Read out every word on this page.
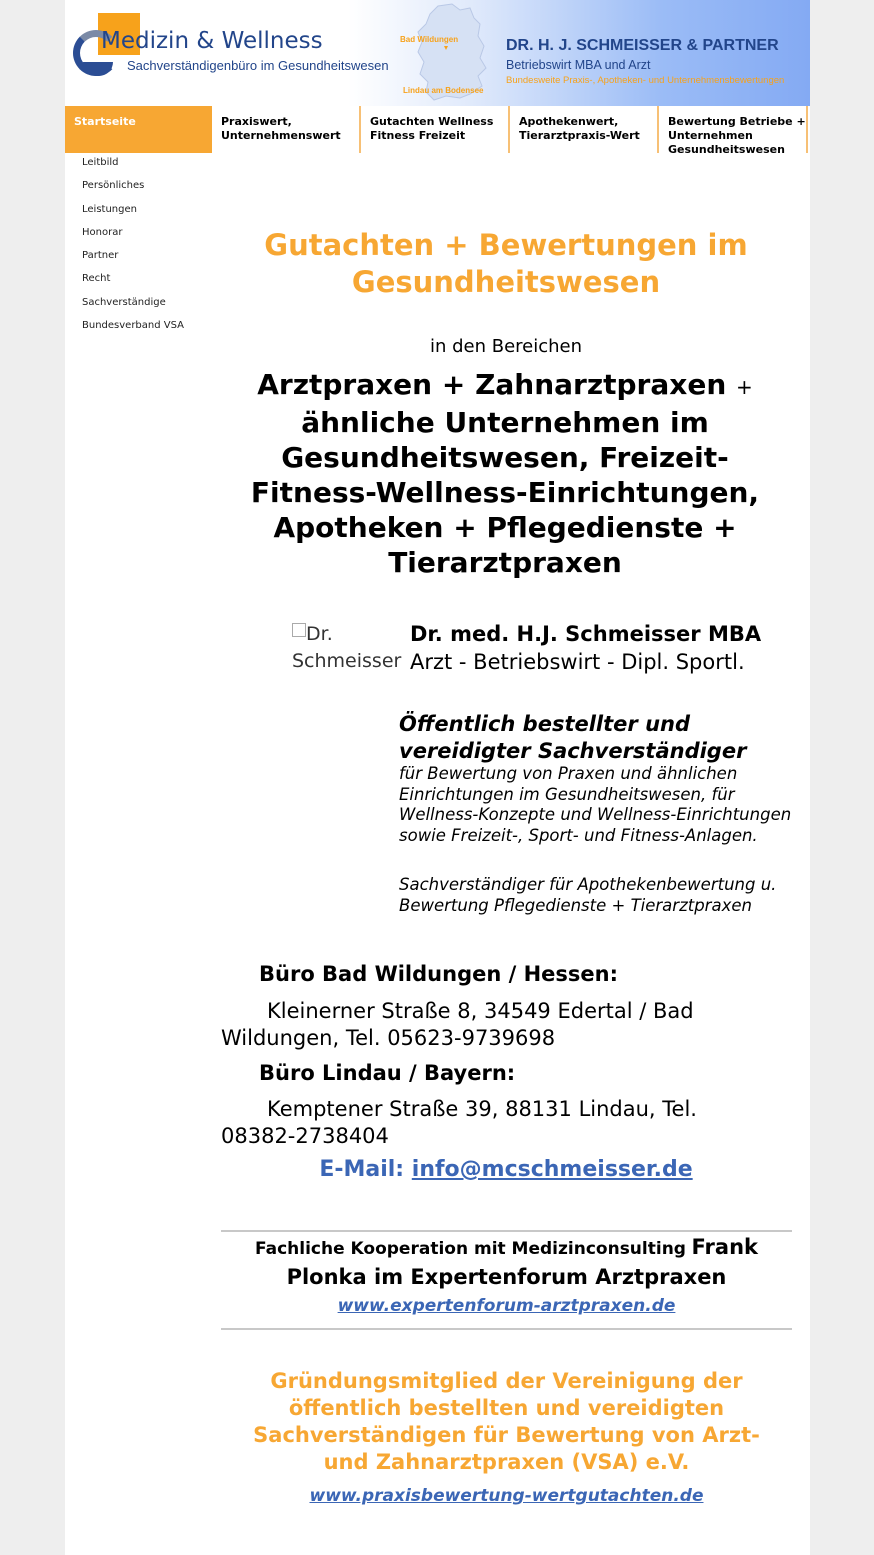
Medizin & Wellness
Sachverständigenbüro im Gesundheitswesen
Bad Wildungen
Lindau am Bodensee
DR. H. J. SCHMEISSER & PARTNER
Betriebswirt MBA und Arzt
Bundesweite Praxis-, Apotheken- und Unternehmensbewertungen
Startseite	Praxiswert,
Unternehmenswert
Gutachten Wellness
Fitness Freizeit
Apothekenwert,
Tierarztpraxis-Wert
Bewertung Betriebe +
Unternehmen
Gesundheitswesen
Leitbild
Persönliches
Leistungen
Honorar
Partner
Recht
Sachverständige
Bundesverband VSA
Gutachten + Bewertungen im
Gesundheitswesen
in den Bereichen
Arztpraxen + Zahnarztpraxen +
ähnliche Unternehmen im
Gesundheitswesen, Freizeit-
Fitness-Wellness-Einrichtungen,
Apotheken + Pflegedienste +
Tierarztpraxen
Dr.
Schmeisser
Dr. med. H.J. Schmeisser MBA
Arzt - Betriebswirt - Dipl. Sportl.
Öffentlich bestellter und vereidigter Sachverständiger
für Bewertung von Praxen und ähnlichen Einrichtungen im Gesundheitswesen, für Wellness-Konzepte und Wellness-Einrichtungen sowie Freizeit-, Sport- und Fitness-Anlagen.
Sachverständiger für Apothekenbewertung u. Bewertung Pflegedienste + Tierarztpraxen
Büro Bad Wildungen / Hessen:
Kleinerner Straße 8, 34549 Edertal / Bad Wildungen, Tel. 05623-9739698
Büro Lindau / Bayern:
Kemptener Straße 39, 88131 Lindau, Tel. 08382-2738404
E-Mail: info@mcschmeisser.de
Fachliche Kooperation mit Medizinconsulting Frank
Plonka im Expertenforum Arztpraxen
www.expertenforum-arztpraxen.de
Gründungsmitglied der Vereinigung der
öffentlich bestellten und vereidigten
Sachverständigen für Bewertung von Arzt-
und Zahnarztpraxen (VSA) e.V.
www.praxisbewertung-wertgutachten.de
